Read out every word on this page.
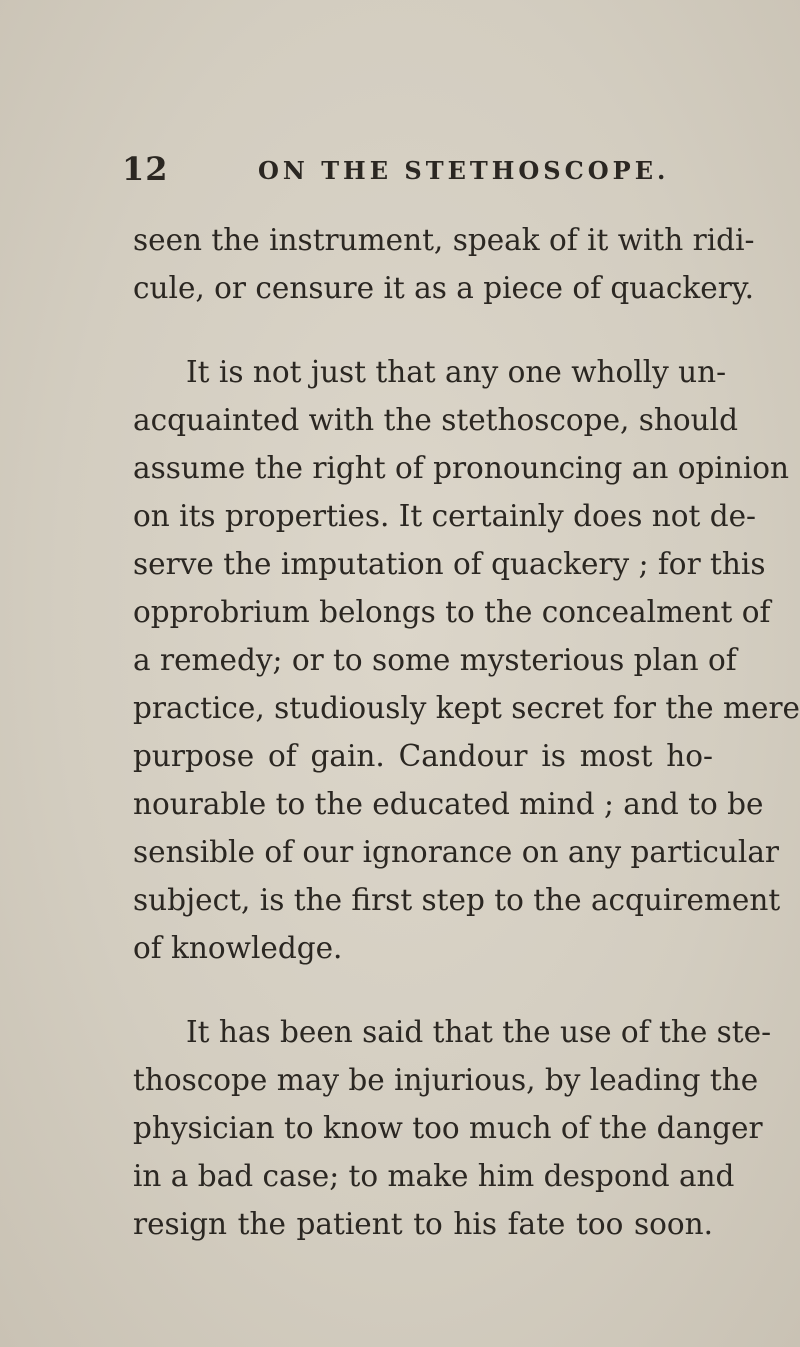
12	ON THE STETHOSCOPE.
seen the instrument, speak of it with ridi-
cule, or censure it as a piece of quackery.
It is not just that any one wholly un-
acquainted with the stethoscope, should
assume the right of pronouncing an opinion
on its properties. It certainly does not de-
serve the imputation of quackery ; for this
opprobrium belongs to the concealment of
a remedy; or to some mysterious plan of
practice, studiously kept secret for the mere
purpose of gain. Candour is most ho-
nourable to the educated mind ; and to be
sensible of our ignorance on any particular
subject, is the first step to the acquirement
of knowledge.
It has been said that the use of the ste-
thoscope may be injurious, by leading the
physician to know too much of the danger
in a bad case; to make him despond and
resign the patient to his fate too soon.
